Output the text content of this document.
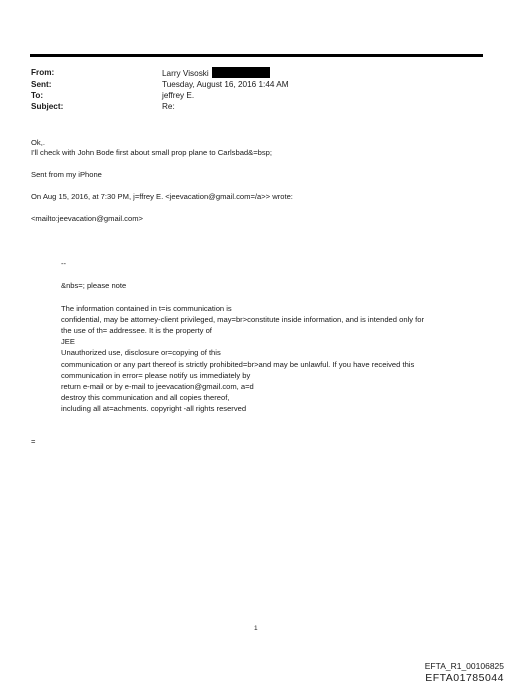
From:	Larry Visoski
Sent:	Tuesday, August 16, 2016 1:44 AM
To:	jeffrey E.
Subject:	Re:
Ok,.
I'll check with John Bode first about small prop plane to Carlsbad&=bsp;
Sent from my iPhone
On Aug 15, 2016, at 7:30 PM, j=ffrey E. <jeevacation@gmail.com=/a>> wrote:
<mailto:jeevacation@gmail.com>
--
&nbs=; please note
The information contained in t=is communication is
confidential, may be attorney-client privileged, may=br>constitute inside information, and is intended only for
the use of th= addressee. It is the property of
JEE
Unauthorized use, disclosure or=copying of this
communication or any part thereof is strictly prohibited=br>and may be unlawful. If you have received this
communication in error= please notify us immediately by
return e-mail or by e-mail to jeevacation@gmail.com, a=d
destroy this communication and all copies thereof,
including all at=achments. copyright -all rights reserved
=
1
EFTA_R1_00106825
EFTA01785044
